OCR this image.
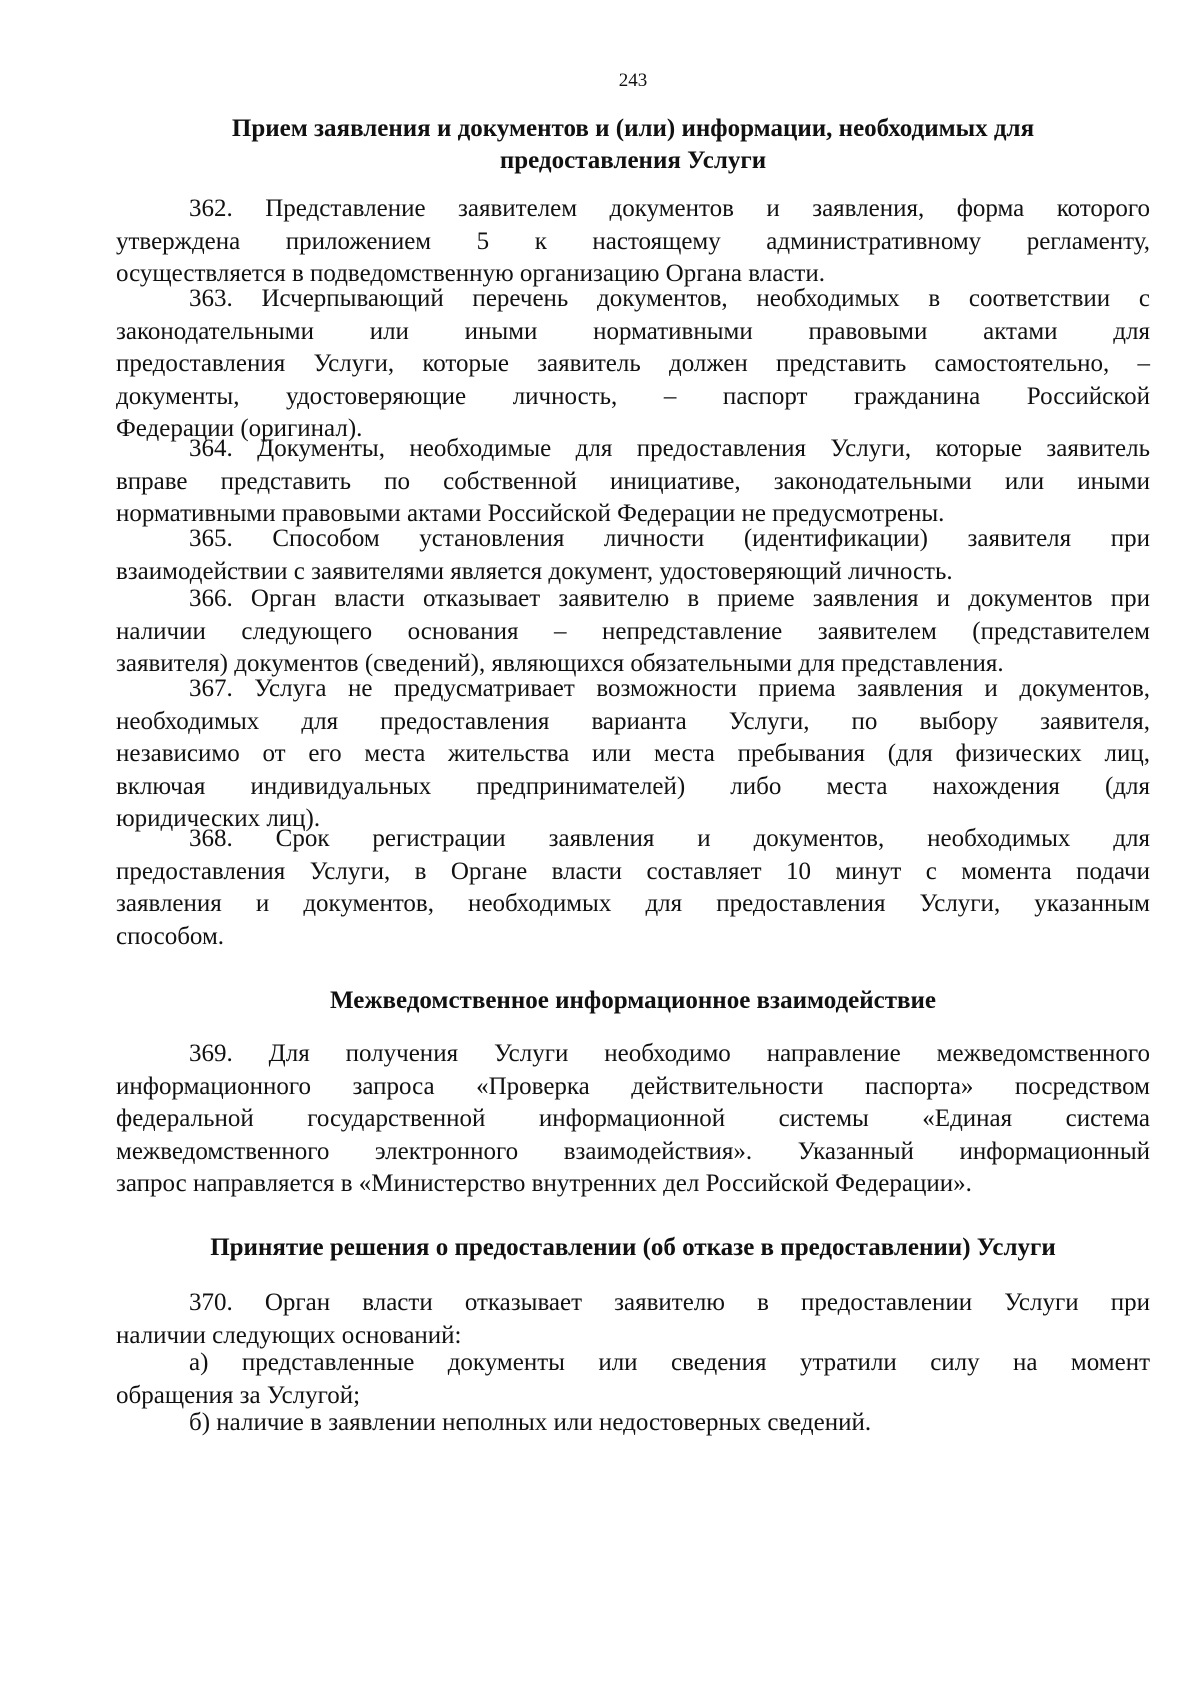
243
Прием заявления и документов и (или) информации, необходимых для
предоставления Услуги
362. Представление заявителем документов и заявления, форма которого
утверждена приложением 5 к настоящему административному регламенту,
осуществляется в подведомственную организацию Органа власти.
363. Исчерпывающий перечень документов, необходимых в соответствии с
законодательными или иными нормативными правовыми актами для
предоставления Услуги, которые заявитель должен представить самостоятельно, –
документы, удостоверяющие личность, – паспорт гражданина Российской
Федерации (оригинал).
364. Документы, необходимые для предоставления Услуги, которые заявитель
вправе представить по собственной инициативе, законодательными или иными
нормативными правовыми актами Российской Федерации не предусмотрены.
365. Способом установления личности (идентификации) заявителя при
взаимодействии с заявителями является документ, удостоверяющий личность.
366. Орган власти отказывает заявителю в приеме заявления и документов при
наличии следующего основания – непредставление заявителем (представителем
заявителя) документов (сведений), являющихся обязательными для представления.
367. Услуга не предусматривает возможности приема заявления и документов,
необходимых для предоставления варианта Услуги, по выбору заявителя,
независимо от его места жительства или места пребывания (для физических лиц,
включая индивидуальных предпринимателей) либо места нахождения (для
юридических лиц).
368. Срок регистрации заявления и документов, необходимых для
предоставления Услуги, в Органе власти составляет 10 минут с момента подачи
заявления и документов, необходимых для предоставления Услуги, указанным
способом.
Межведомственное информационное взаимодействие
369. Для получения Услуги необходимо направление межведомственного
информационного запроса «Проверка действительности паспорта» посредством
федеральной государственной информационной системы «Единая система
межведомственного электронного взаимодействия». Указанный информационный
запрос направляется в «Министерство внутренних дел Российской Федерации».
Принятие решения о предоставлении (об отказе в предоставлении) Услуги
370. Орган власти отказывает заявителю в предоставлении Услуги при
наличии следующих оснований:
а) представленные документы или сведения утратили силу на момент
обращения за Услугой;
б) наличие в заявлении неполных или недостоверных сведений.
